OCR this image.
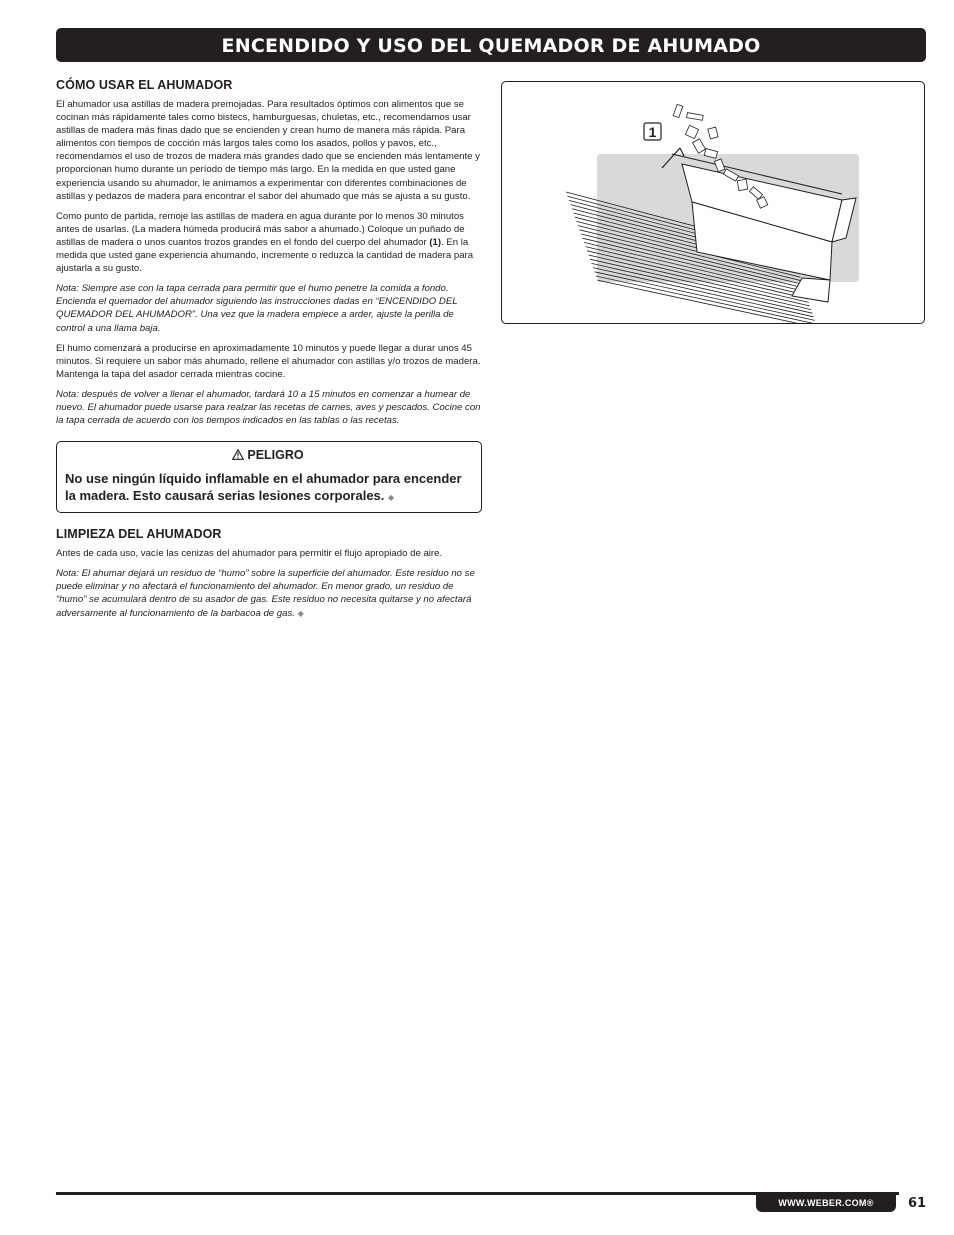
ENCENDIDO Y USO DEL QUEMADOR DE AHUMADO
CÓMO USAR EL AHUMADOR

El ahumador usa astillas de madera premojadas. Para resultados óptimos con alimentos que se cocinan más rápidamente tales como bistecs, hamburguesas, chuletas, etc., recomendamos usar astillas de madera más finas dado que se encienden y crean humo de manera más rápida. Para alimentos con tiempos de cocción más largos tales como los asados, pollos y pavos, etc., recomendamos el uso de trozos de madera más grandes dado que se encienden más lentamente y proporcionan humo durante un período de tiempo más largo. En la medida en que usted gane experiencia usando su ahumador, le animamos a experimentar con diferentes combinaciones de astillas y pedazos de madera para encontrar el sabor del ahumado que más se ajusta a su gusto.

Como punto de partida, remoje las astillas de madera en agua durante por lo menos 30 minutos antes de usarlas. (La madera húmeda producirá más sabor a ahumado.) Coloque un puñado de astillas de madera o unos cuantos trozos grandes en el fondo del cuerpo del ahumador (1). En la medida que usted gane experiencia ahumando, incremente o reduzca la cantidad de madera para ajustarla a su gusto.

Nota: Siempre ase con la tapa cerrada para permitir que el humo penetre la comida a fondo. Encienda el quemador del ahumador siguiendo las instrucciones dadas en “ENCENDIDO DEL QUEMADOR DEL AHUMADOR”. Una vez que la madera empiece a arder, ajuste la perilla de control a una llama baja.

El humo comenzará a producirse en aproximadamente 10 minutos y puede llegar a durar unos 45 minutos. Si requiere un sabor más ahumado, rellene el ahumador con astillas y/o trozos de madera. Mantenga la tapa del asador cerrada mientras cocine.

Nota: después de volver a llenar el ahumador, tardará 10 a 15 minutos en comenzar a humear de nuevo. El ahumador puede usarse para realzar las recetas de carnes, aves y pescados. Cocine con la tapa cerrada de acuerdo con los tiempos indicados en las tablas o las recetas.

PELIGRO
No use ningún líquido inflamable en el ahumador para encender la madera. Esto causará serias lesiones corporales. ◆
LIMPIEZA DEL AHUMADOR

Antes de cada uso, vacíe las cenizas del ahumador para permitir el flujo apropiado de aire.

Nota: El ahumar dejará un residuo de “humo” sobre la superficie del ahumador. Este residuo no se puede eliminar y no afectará el funcionamiento del ahumador. En menor grado, un residuo de “humo” se acumulará dentro de su asador de gas. Este residuo no necesita quitarse y no afectará adversamente al funcionamiento de la barbacoa de gas. ◆

1
WWW.WEBER.COM®	61
